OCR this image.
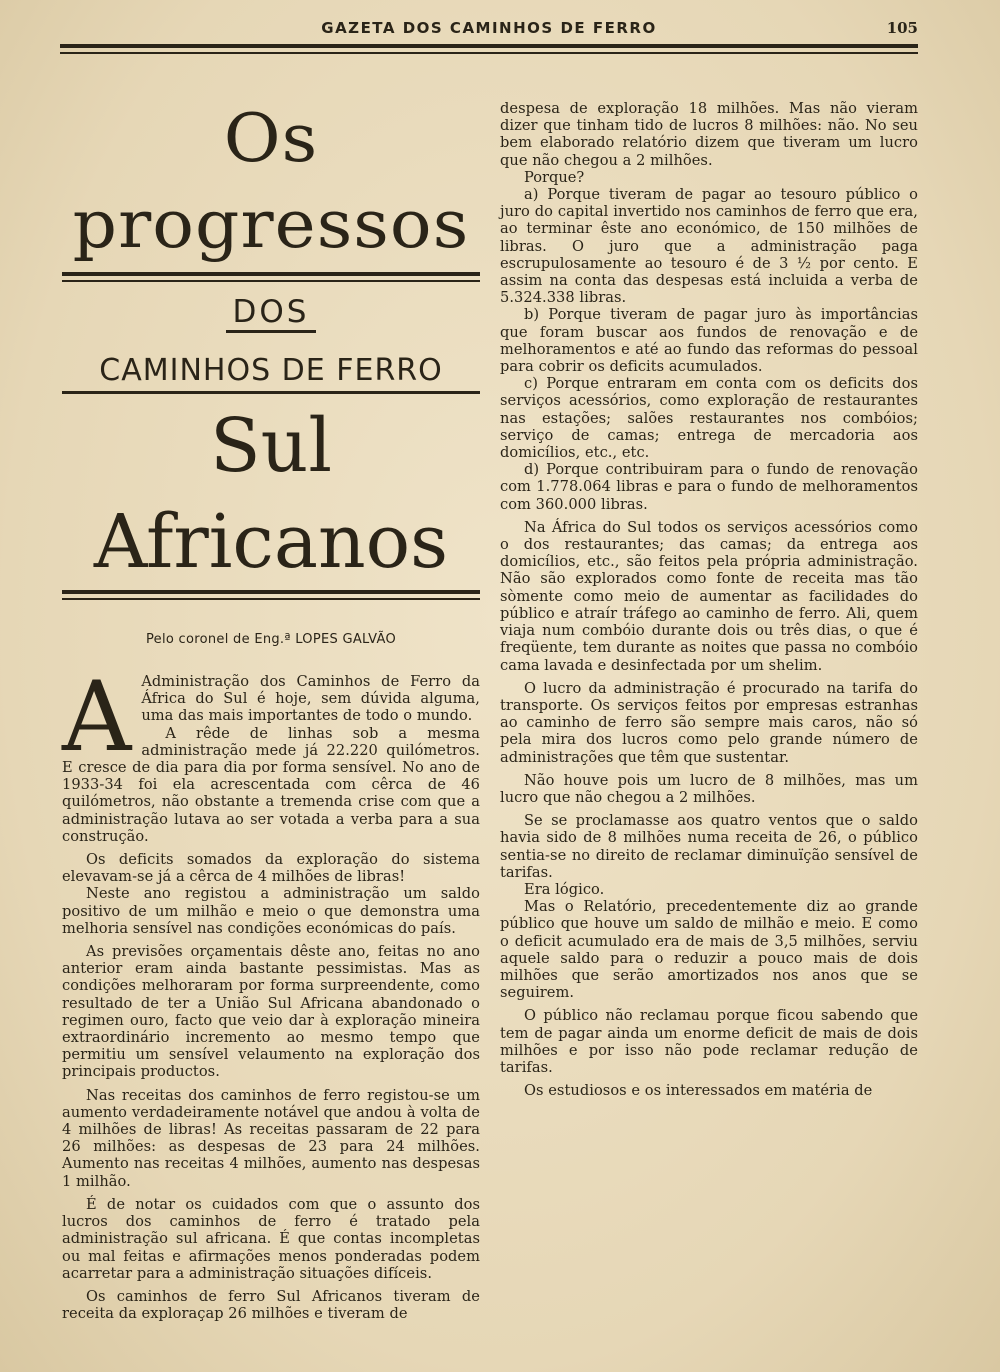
GAZETA DOS CAMINHOS DE FERRO	105
Os progressos
DOS
CAMINHOS DE FERRO
Sul Africanos
Pelo coronel de Eng.ª LOPES GALVÃO
A Administração dos Caminhos de Ferro da África do Sul é hoje, sem dúvida alguma, uma das mais importantes de todo o mundo.

A rêde de linhas sob a mesma administração mede já 22.220 quilómetros. E cresce de dia para dia por forma sensível. No ano de 1933-34 foi ela acrescentada com cêrca de 46 quilómetros, não obstante a tremenda crise com que a administração lutava ao ser votada a verba para a sua construção.

Os deficits somados da exploração do sistema elevavam-se já a cêrca de 4 milhões de libras!

Neste ano registou a administração um saldo positivo de um milhão e meio o que demonstra uma melhoria sensível nas condições económicas do país.

As previsões orçamentais dêste ano, feitas no ano anterior eram ainda bastante pessimistas. Mas as condições melhoraram por forma surpreendente, como resultado de ter a União Sul Africana abandonado o regimen ouro, facto que veio dar à exploração mineira extraordinário incremento ao mesmo tempo que permitiu um sensível velaumento na exploração dos principais productos.

Nas receitas dos caminhos de ferro registou-se um aumento verdadeiramente notável que andou à volta de 4 milhões de libras! As receitas passaram de 22 para 26 milhões: as despesas de 23 para 24 milhões. Aumento nas receitas 4 milhões, aumento nas despesas 1 milhão.

É de notar os cuidados com que o assunto dos lucros dos caminhos de ferro é tratado pela administração sul africana. É que contas incompletas ou mal feitas e afirmações menos ponderadas podem acarretar para a administração situações difíceis.

Os caminhos de ferro Sul Africanos tiveram de receita da exploraçap 26 milhões e tiveram de

despesa de exploração 18 milhões. Mas não vieram dizer que tinham tido de lucros 8 milhões: não. No seu bem elaborado relatório dizem que tiveram um lucro que não chegou a 2 milhões.

Porque?

a) Porque tiveram de pagar ao tesouro público o juro do capital invertido nos caminhos de ferro que era, ao terminar êste ano económico, de 150 milhões de libras. O juro que a administração paga escrupulosamente ao tesouro é de 3 ½ por cento. E assim na conta das despesas está incluida a verba de 5.324.338 libras.

b) Porque tiveram de pagar juro às importâncias que foram buscar aos fundos de renovação e de melhoramentos e até ao fundo das reformas do pessoal para cobrir os deficits acumulados.

c) Porque entraram em conta com os deficits dos serviços acessórios, como exploração de restaurantes nas estações; salões restaurantes nos combóios; serviço de camas; entrega de mercadoria aos domicílios, etc., etc.

d) Porque contribuiram para o fundo de renovação com 1.778.064 libras e para o fundo de melhoramentos com 360.000 libras.

Na África do Sul todos os serviços acessórios como o dos restaurantes; das camas; da entrega aos domicílios, etc., são feitos pela própria administração. Não são explorados como fonte de receita mas tão sòmente como meio de aumentar as facilidades do público e atraír tráfego ao caminho de ferro. Ali, quem viaja num combóio durante dois ou três dias, o que é freqüente, tem durante as noites que passa no combóio cama lavada e desinfectada por um shelim.

O lucro da administração é procurado na tarifa do transporte. Os serviços feitos por empresas estranhas ao caminho de ferro são sempre mais caros, não só pela mira dos lucros como pelo grande número de administrações que têm que sustentar.

Não houve pois um lucro de 8 milhões, mas um lucro que não chegou a 2 milhões.

Se se proclamasse aos quatro ventos que o saldo havia sido de 8 milhões numa receita de 26, o público sentia-se no direito de reclamar diminuïção sensível de tarifas.

Era lógico.

Mas o Relatório, precedentemente diz ao grande público que houve um saldo de milhão e meio. E como o deficit acumulado era de mais de 3,5 milhões, serviu aquele saldo para o reduzir a pouco mais de dois milhões que serão amortizados nos anos que se seguirem.

O público não reclamau porque ficou sabendo que tem de pagar ainda um enorme deficit de mais de dois milhões e por isso não pode reclamar redução de tarifas.

Os estudiosos e os interessados em matéria de
